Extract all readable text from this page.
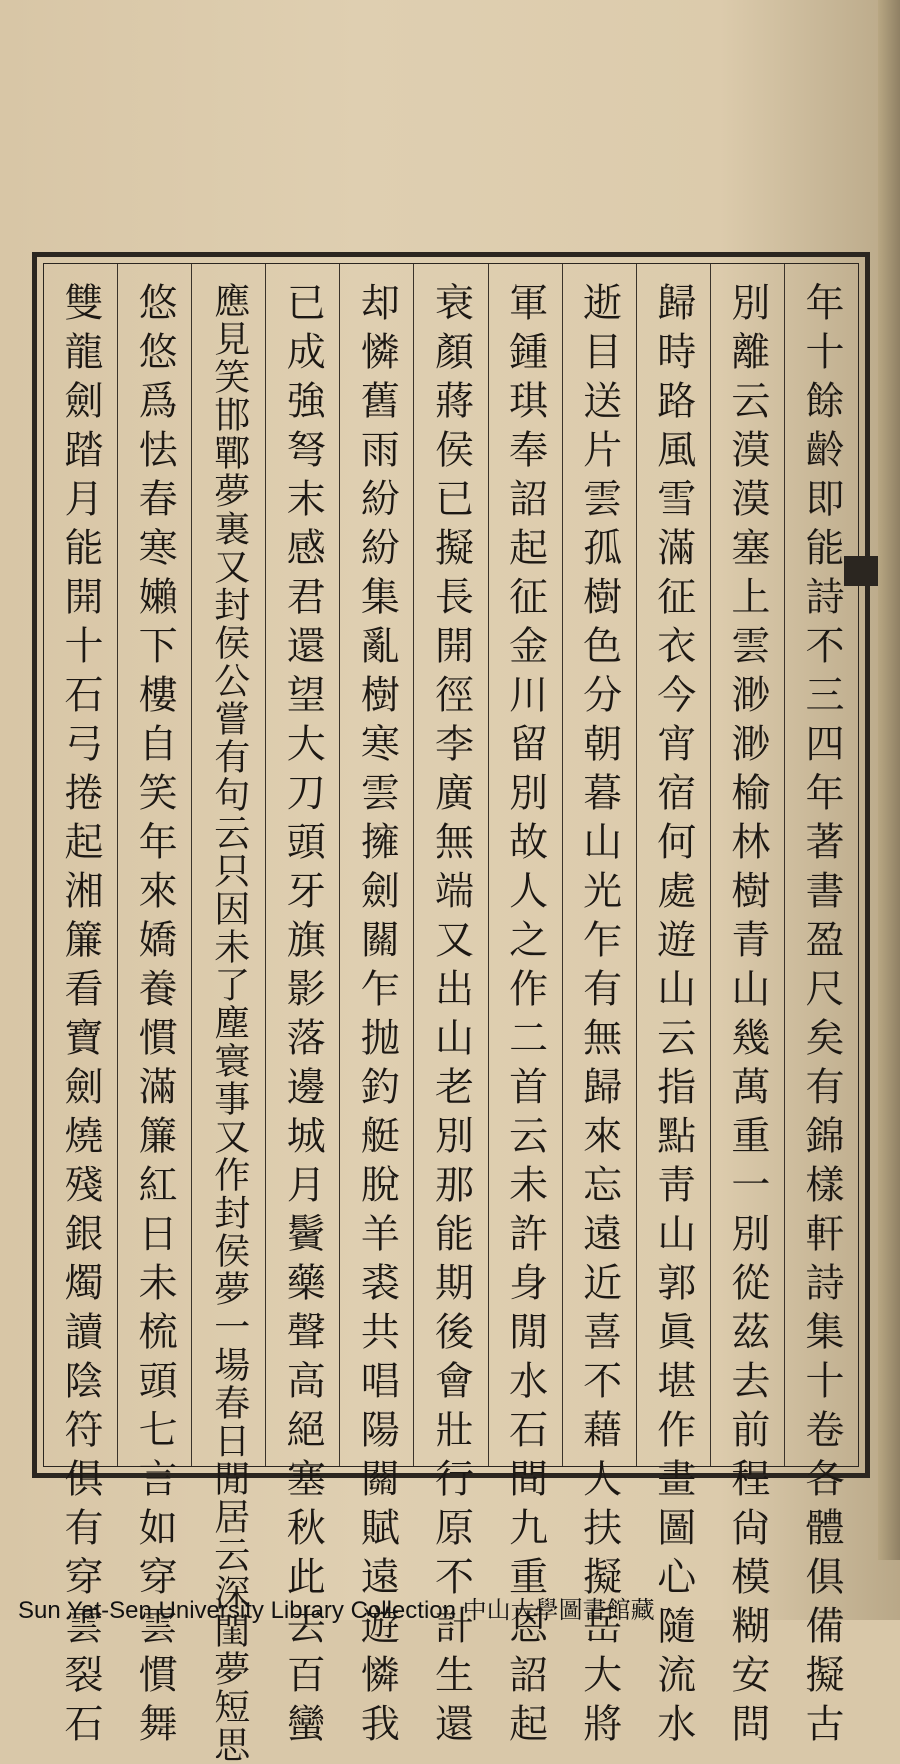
年十餘齡即能詩不三四年著書盈尺矣有錦樣軒詩集十卷各體俱備擬古
別離云漠漠塞上雲渺渺榆林樹青山幾萬重一別從茲去前程尙模糊安問
歸時路風雪滿征衣今宵宿何處遊山云指點靑山郭眞堪作畫圖心隨流水
逝目送片雲孤樹色分朝暮山光乍有無歸來忘遠近喜不藉人扶擬岳大將
軍鍾琪奉詔起征金川留別故人之作二首云未許身閒水石間九重恩詔起
衰顏蔣侯已擬長開徑李廣無端又出山老別那能期後會壯行原不計生還
却憐舊雨紛紛集亂樹寒雲擁劍關乍抛釣艇脫羊裘共唱陽關賦遠遊憐我
已成強弩末感君還望大刀頭牙旗影落邊城月鬢藥聲高絕塞秋此去百蠻
應見笑邯鄲夢裏又封侯公嘗有句云只因未了塵寰事又作封侯夢一場春日閒居云深閨夢短思
悠悠爲怯春寒嬾下樓自笑年來嬌養慣滿簾紅日未梳頭七言如穿雲慣舞
雙龍劍踏月能開十石弓捲起湘簾看寶劍燒殘銀燭讀陰符俱有穿雲裂石
Sun Yat-Sen University Library Collection 中山大學圖書館藏
